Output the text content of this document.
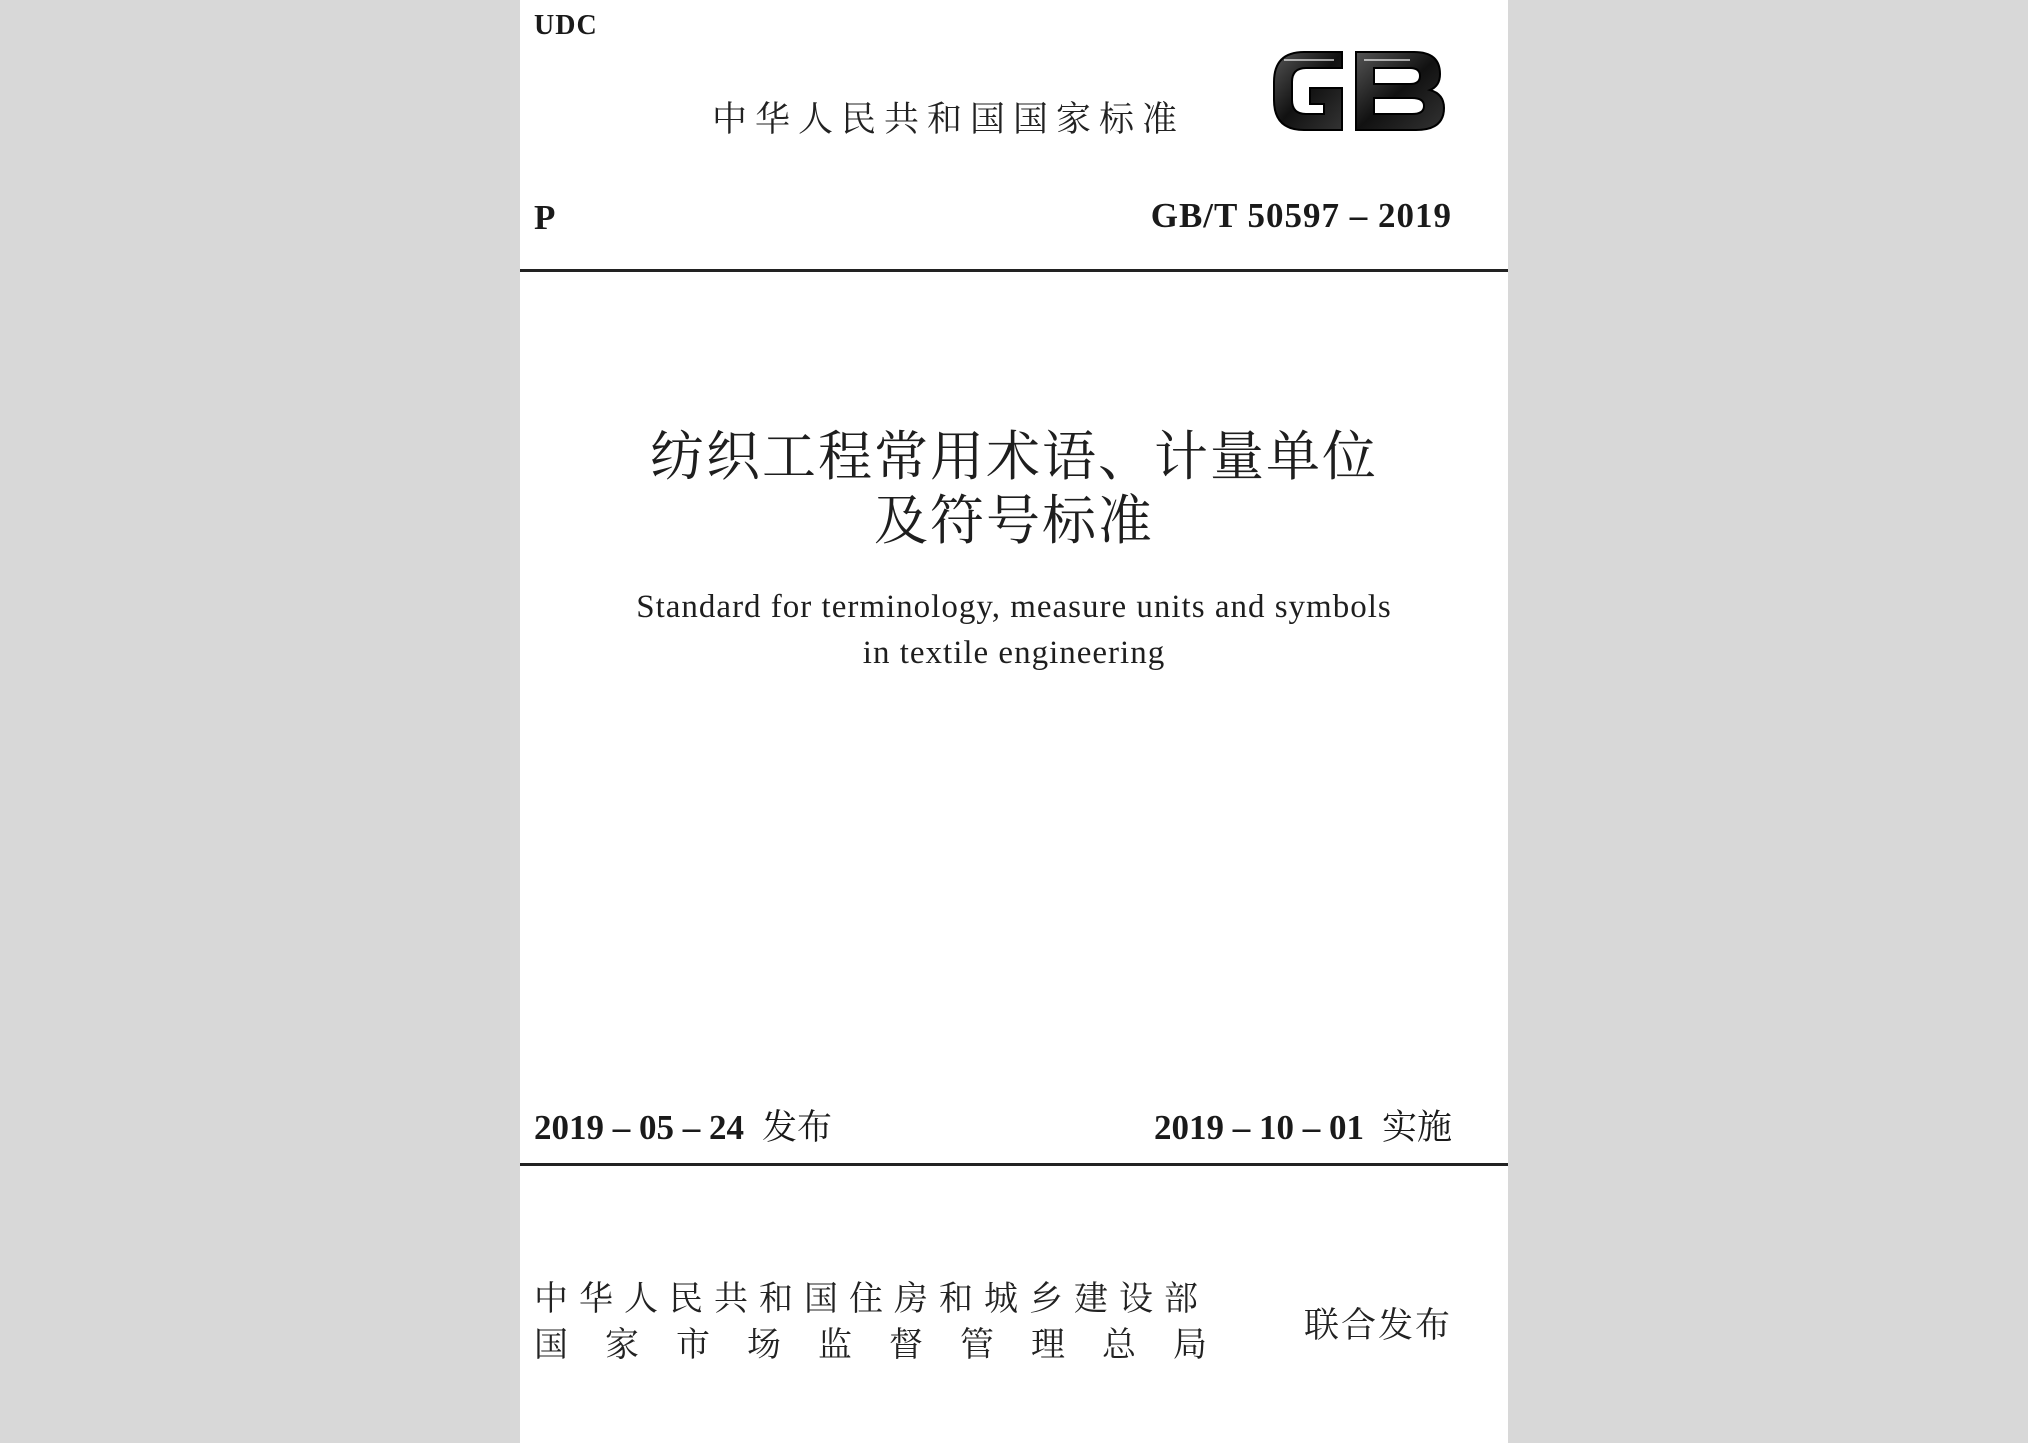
UDC
中华人民共和国国家标准
P	GB/T 50597 – 2019
纺织工程常用术语、计量单位
及符号标准
Standard for terminology, measure units and symbols
in textile engineering
2019 – 05 – 24 发布	2019 – 10 – 01 实施
中华人民共和国住房和城乡建设部
国家市场监督管理总局 联合发布
